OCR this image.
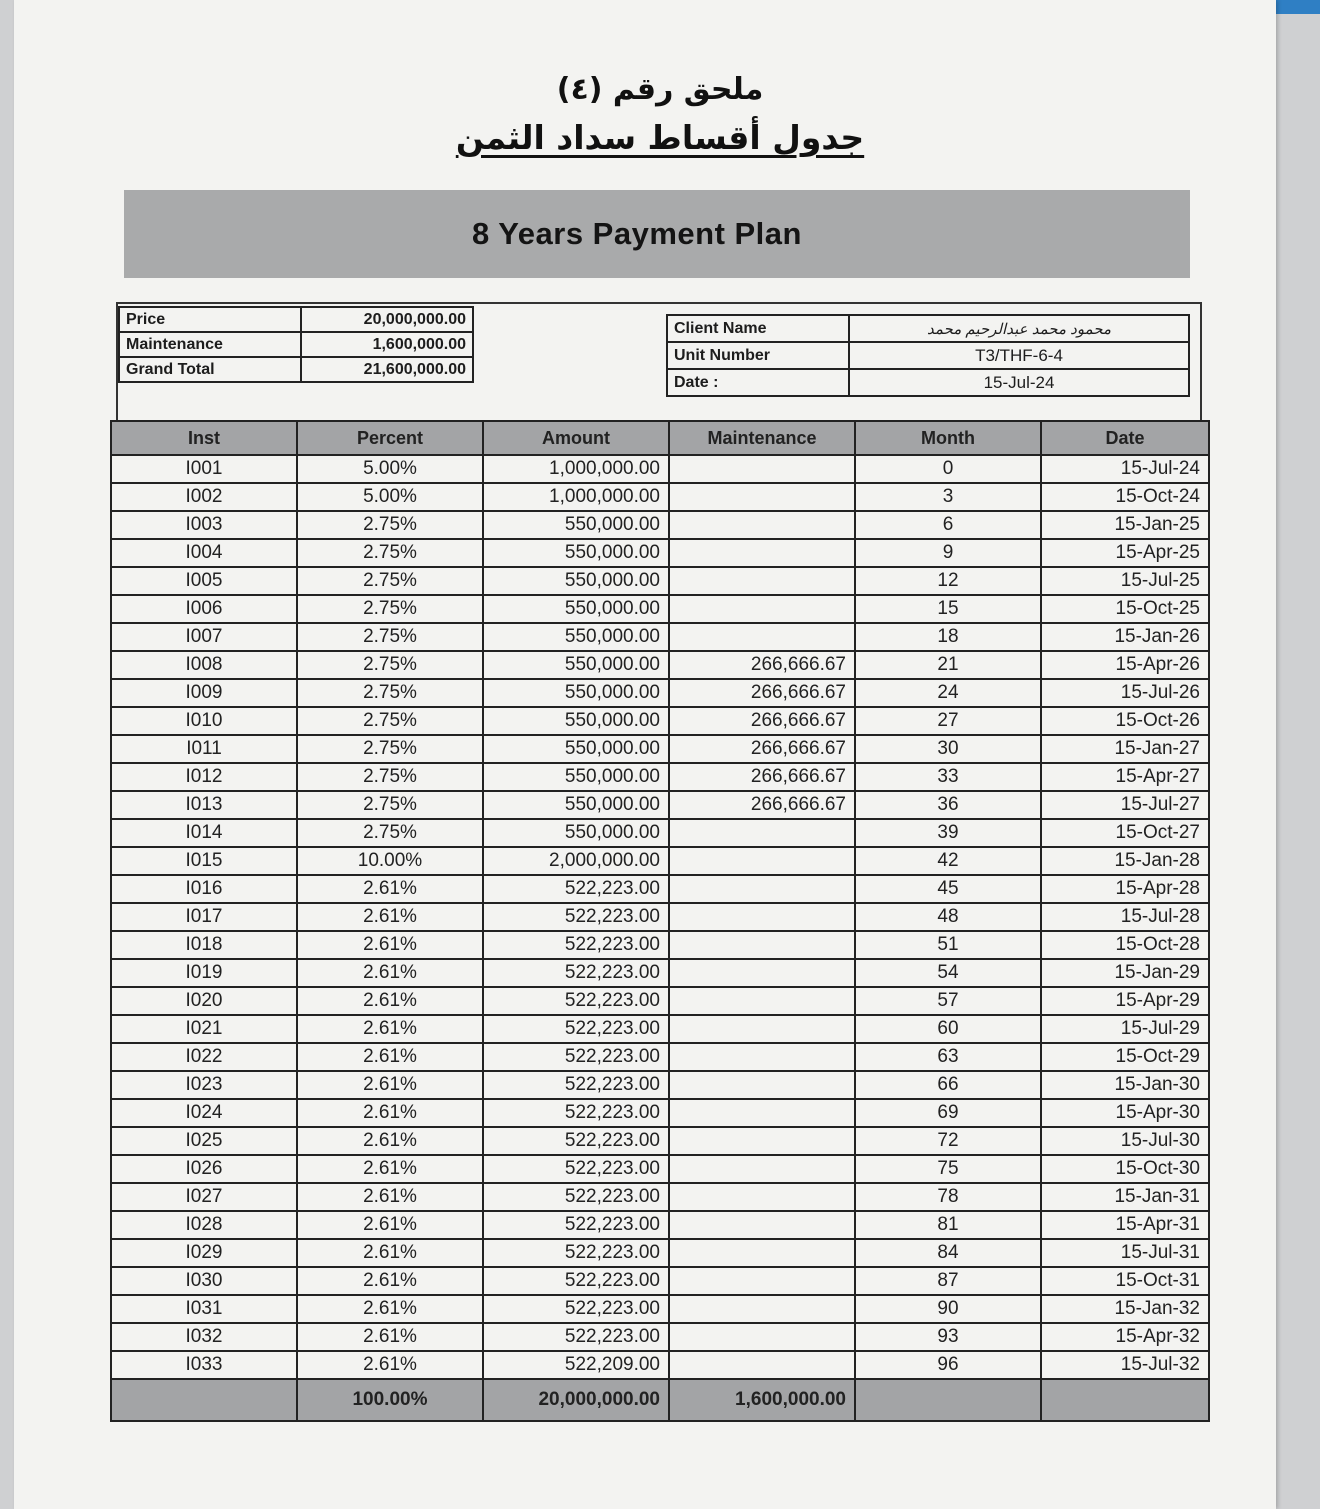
ملحق رقم (٤)
جدول أقساط سداد الثمن
8 Years Payment Plan
Price	20,000,000.00
Maintenance	1,600,000.00
Grand Total	21,600,000.00
Client Name	محمود محمد عبدالرحيم محمد
Unit Number	T3/THF-6-4
Date :	15-Jul-24
Inst	Percent	Amount	Maintenance	Month	Date
I001	5.00%	1,000,000.00		0	15-Jul-24
I002	5.00%	1,000,000.00		3	15-Oct-24
I003	2.75%	550,000.00		6	15-Jan-25
I004	2.75%	550,000.00		9	15-Apr-25
I005	2.75%	550,000.00		12	15-Jul-25
I006	2.75%	550,000.00		15	15-Oct-25
I007	2.75%	550,000.00		18	15-Jan-26
I008	2.75%	550,000.00	266,666.67	21	15-Apr-26
I009	2.75%	550,000.00	266,666.67	24	15-Jul-26
I010	2.75%	550,000.00	266,666.67	27	15-Oct-26
I011	2.75%	550,000.00	266,666.67	30	15-Jan-27
I012	2.75%	550,000.00	266,666.67	33	15-Apr-27
I013	2.75%	550,000.00	266,666.67	36	15-Jul-27
I014	2.75%	550,000.00		39	15-Oct-27
I015	10.00%	2,000,000.00		42	15-Jan-28
I016	2.61%	522,223.00		45	15-Apr-28
I017	2.61%	522,223.00		48	15-Jul-28
I018	2.61%	522,223.00		51	15-Oct-28
I019	2.61%	522,223.00		54	15-Jan-29
I020	2.61%	522,223.00		57	15-Apr-29
I021	2.61%	522,223.00		60	15-Jul-29
I022	2.61%	522,223.00		63	15-Oct-29
I023	2.61%	522,223.00		66	15-Jan-30
I024	2.61%	522,223.00		69	15-Apr-30
I025	2.61%	522,223.00		72	15-Jul-30
I026	2.61%	522,223.00		75	15-Oct-30
I027	2.61%	522,223.00		78	15-Jan-31
I028	2.61%	522,223.00		81	15-Apr-31
I029	2.61%	522,223.00		84	15-Jul-31
I030	2.61%	522,223.00		87	15-Oct-31
I031	2.61%	522,223.00		90	15-Jan-32
I032	2.61%	522,223.00		93	15-Apr-32
I033	2.61%	522,209.00		96	15-Jul-32
	100.00%	20,000,000.00	1,600,000.00		
